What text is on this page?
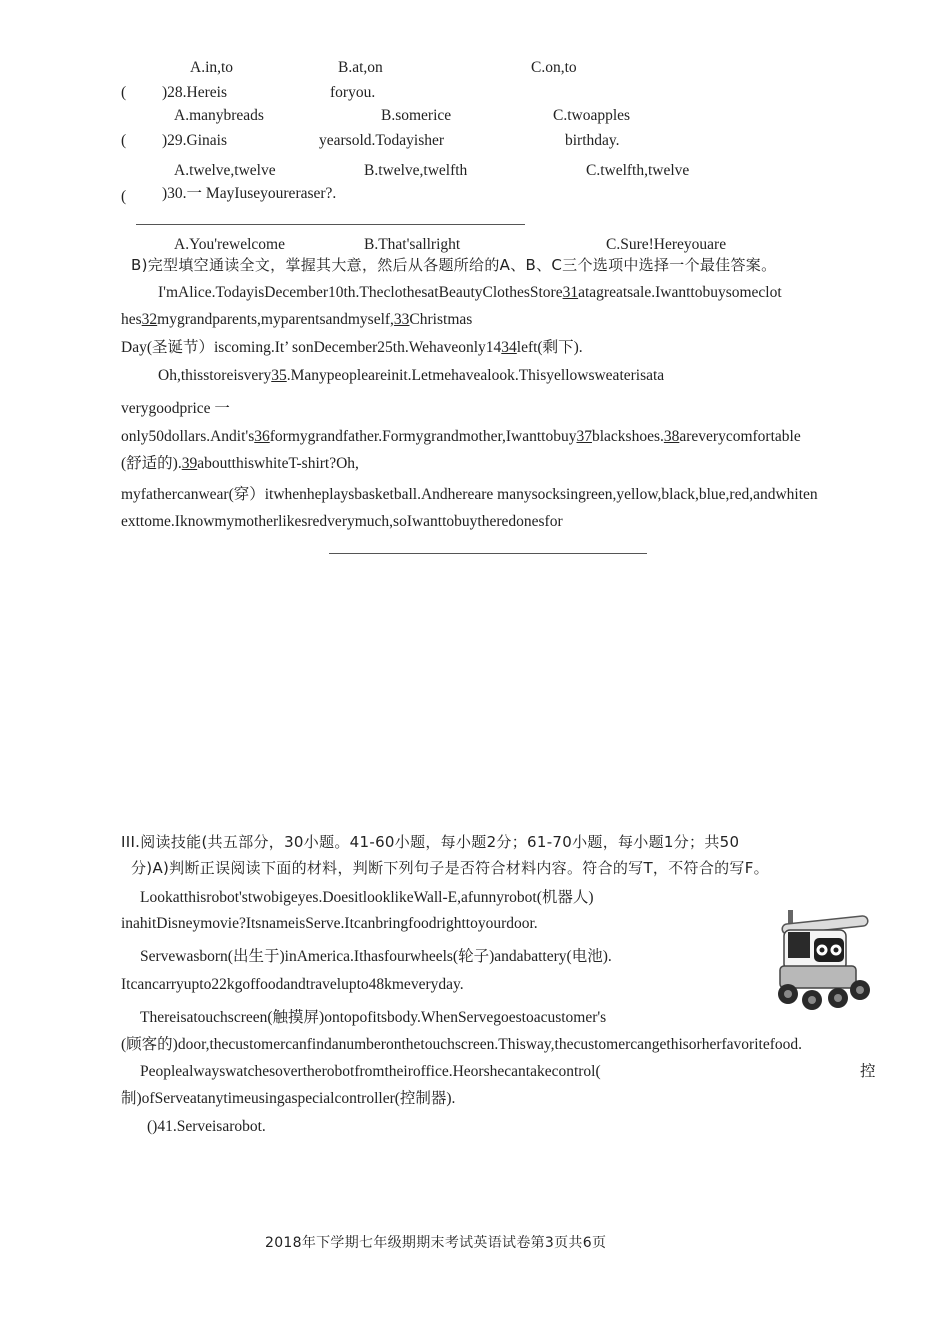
A.in,to	B.at,on	C.on,to
( )28.Hereis	foryou.
A.manybreads	B.somerice	C.twoapples
( )29.Ginais	yearsold.Todayisher	birthday.
A.twelve,twelve	B.twelve,twelfth	C.twelfth,twelve
( )30.一 MayIuseyoureraser?.
A.You'rewelcome	B.That'sallright	C.Sure!Hereyouare
B)完型填空通读全文，掌握其大意，然后从各题所给的A、B、C三个选项中选择一个最佳答案。
I'mAlice.TodayisDecember10th.TheclothesatBeautyClothesStore31atagreatsale.Iwanttobuysomeclot
hes32mygrandparents,myparentsandmyself,33Christmas
Day(圣诞节）iscoming.It’ sonDecember25th.Wehaveonly1434left(剩下).
Oh,thisstoreisvery35.Manypeopleareinit.Letmehavealook.Thisyellowsweaterisata
verygoodprice 一
only50dollars.Andit's36formygrandfather.Formygrandmother,Iwanttobuy37blackshoes.38areverycomfortable
(舒适的).39aboutthiswhiteT-shirt?Oh,
myfathercanwear(穿）itwhenheplaysbasketball.Andhereare manysocksingreen,yellow,black,blue,red,andwhiten
exttome.Iknowmymotherlikesredverymuch,soIwanttobuytheredonesfor
III.阅读技能(共五部分，30小题。41-60小题，每小题2分；61-70小题，每小题1分；共50
分)A)判断正误阅读下面的材料，判断下列句子是否符合材料内容。符合的写T，不符合的写F。
Lookatthisrobot'stwobigeyes.DoesitlooklikeWall-E,afunnyrobot(机器人)
inahitDisneymovie?ItsnameisServe.Itcanbringfoodrighttoyourdoor.
Servewasborn(出生于)inAmerica.Ithasfourwheels(轮子)andabattery(电池).
Itcancarryupto22kgoffoodandtravelupto48kmeveryday.
Thereisatouchscreen(触摸屏)ontopofitsbody.WhenServegoestoacustomer's
(顾客的)door,thecustomercanfindanumberonthetouchscreen.Thisway,thecustomercangethisorherfavoritefood.
Peoplealwayswatchesovertherobotfromtheiroffice.Heorshecantakecontrol(	控
制)ofServeatanytimeusingaspecialcontroller(控制器).
()41.Serveisarobot.
2018年下学期七年级期期末考试英语试卷第3页共6页
